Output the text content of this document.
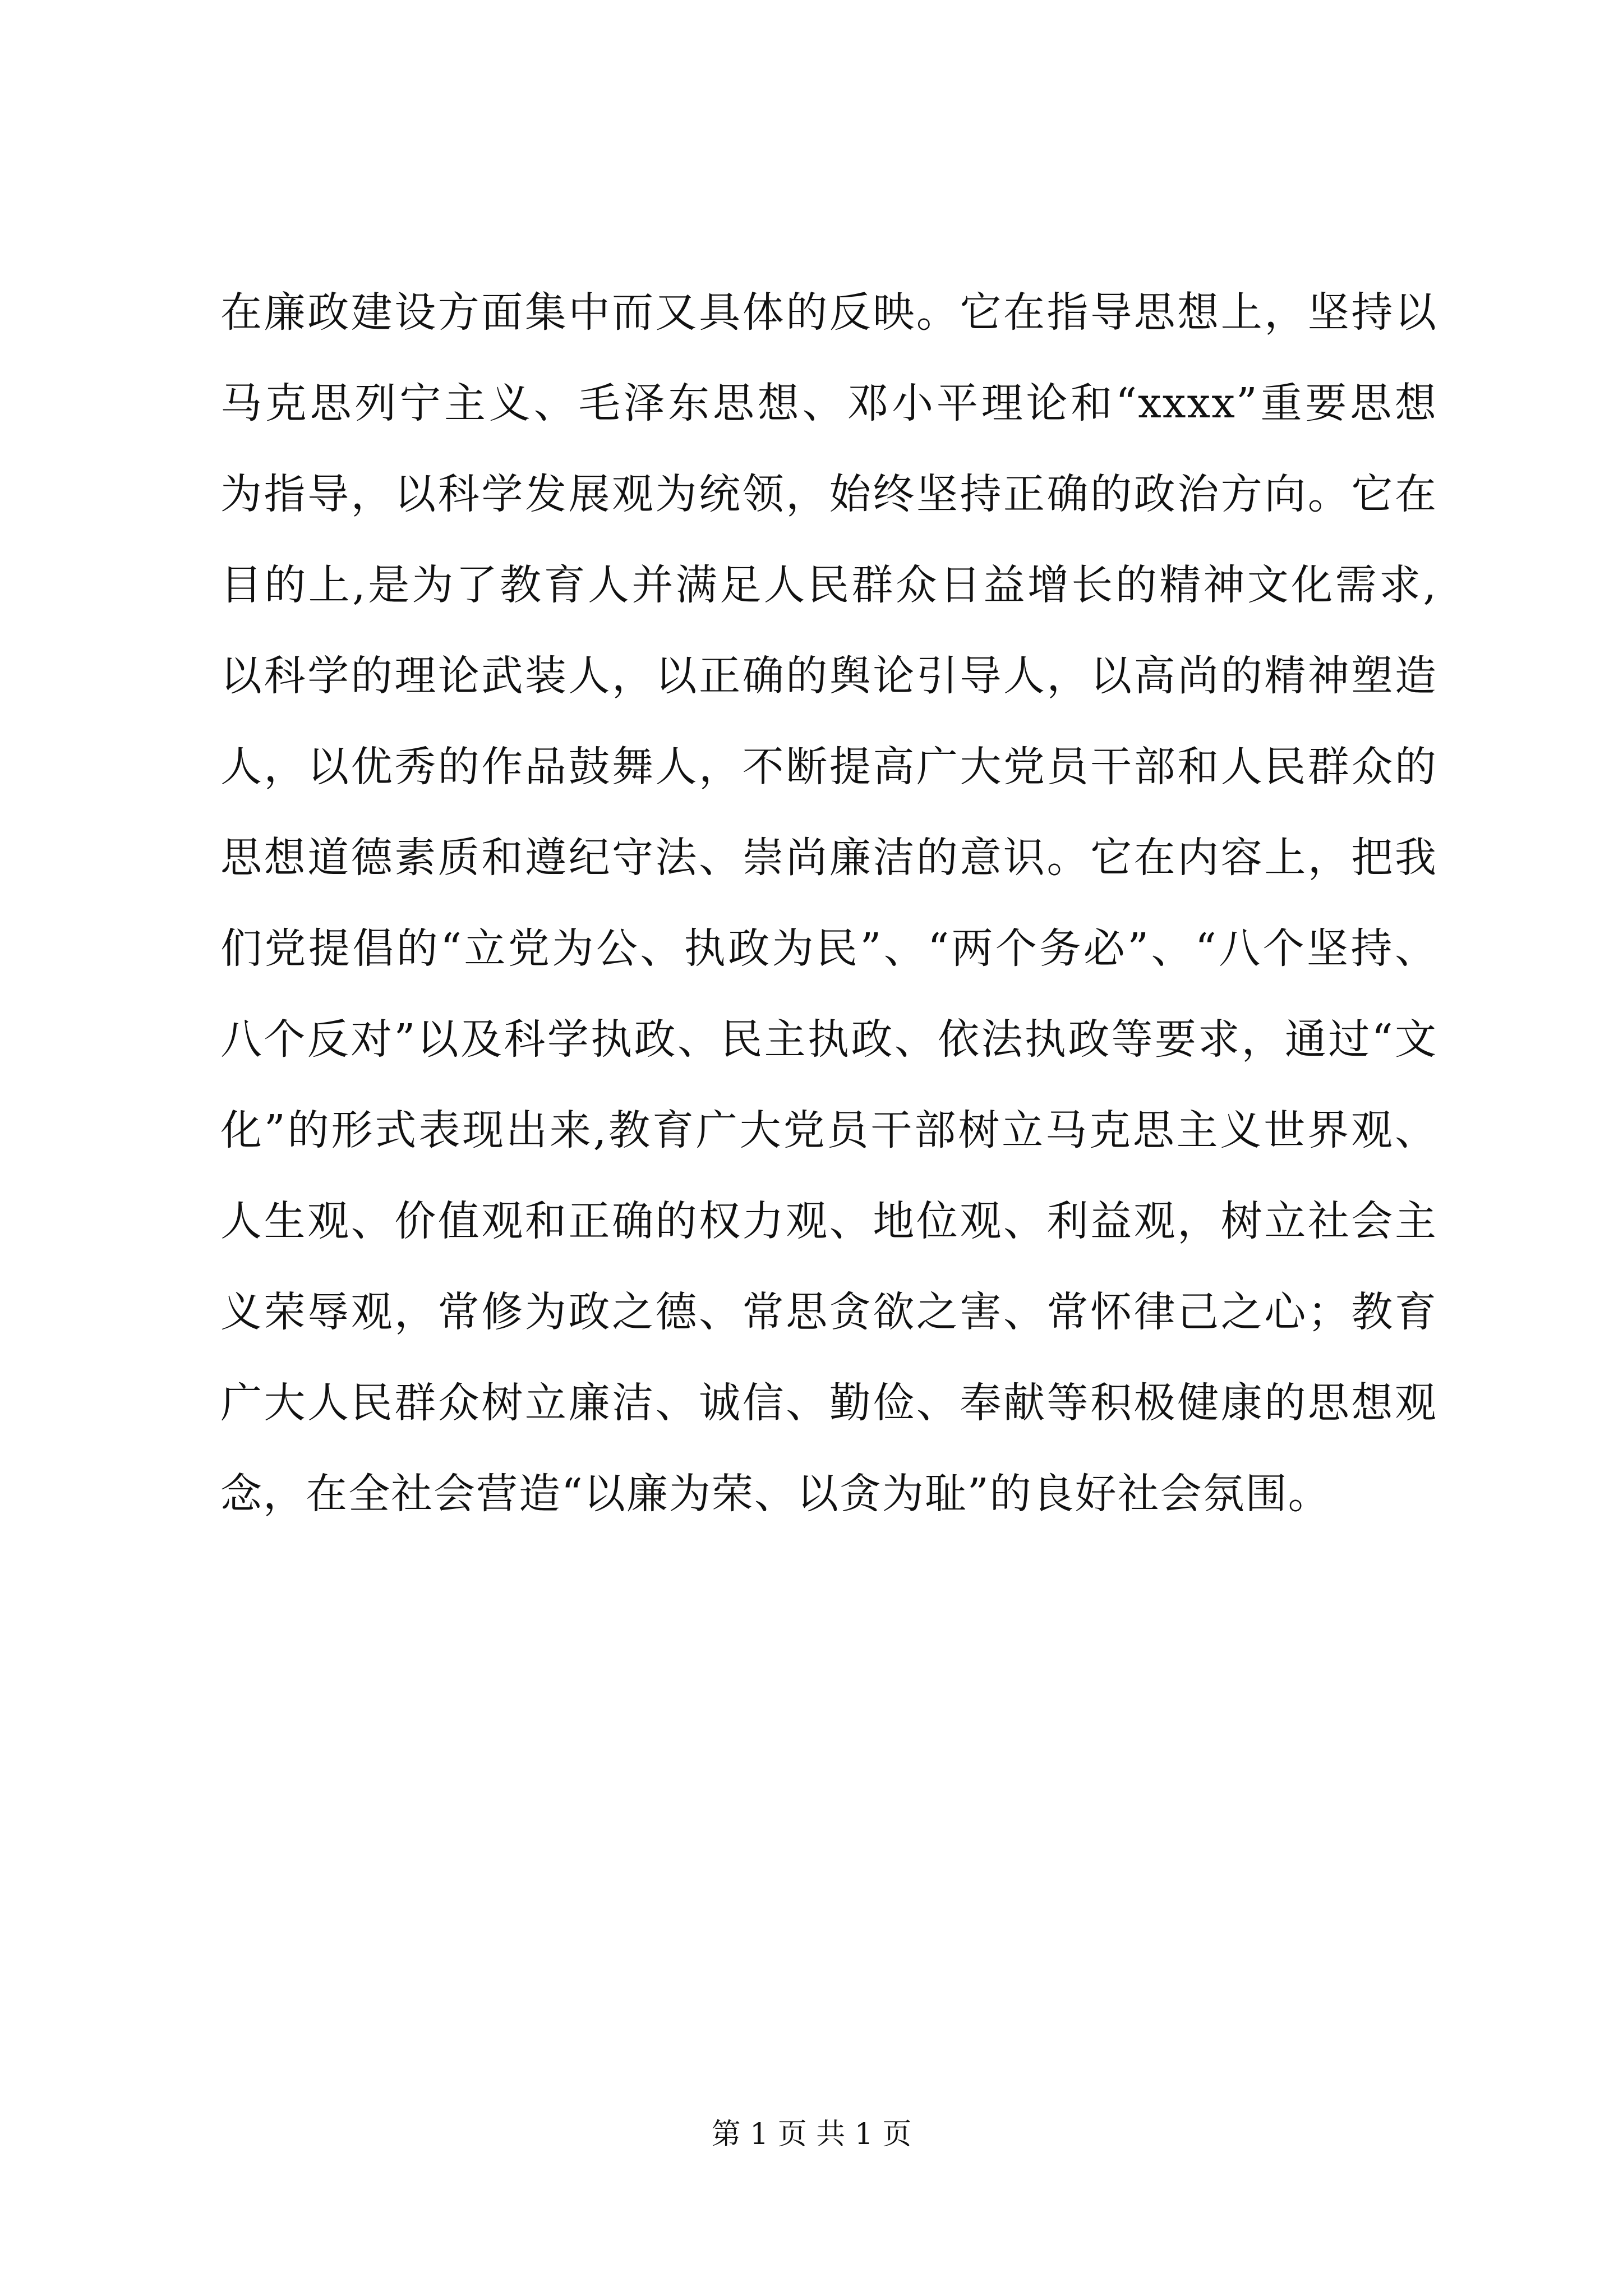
在廉政建设方面集中而又具体的反映。它在指导思想上，坚持以
马克思列宁主义、毛泽东思想、邓小平理论和“xxxx”重要思想
为指导，以科学发展观为统领，始终坚持正确的政治方向。它在
目的上,是为了教育人并满足人民群众日益增长的精神文化需求,
以科学的理论武装人，以正确的舆论引导人，以高尚的精神塑造
人，以优秀的作品鼓舞人，不断提高广大党员干部和人民群众的
思想道德素质和遵纪守法、崇尚廉洁的意识。它在内容上，把我
们党提倡的“立党为公、执政为民”、“两个务必”、“八个坚持、
八个反对”以及科学执政、民主执政、依法执政等要求，通过“文
化”的形式表现出来,教育广大党员干部树立马克思主义世界观、
人生观、价值观和正确的权力观、地位观、利益观，树立社会主
义荣辱观，常修为政之德、常思贪欲之害、常怀律己之心；教育
广大人民群众树立廉洁、诚信、勤俭、奉献等积极健康的思想观
念，在全社会营造“以廉为荣、以贪为耻”的良好社会氛围。
第 1 页 共 1 页
